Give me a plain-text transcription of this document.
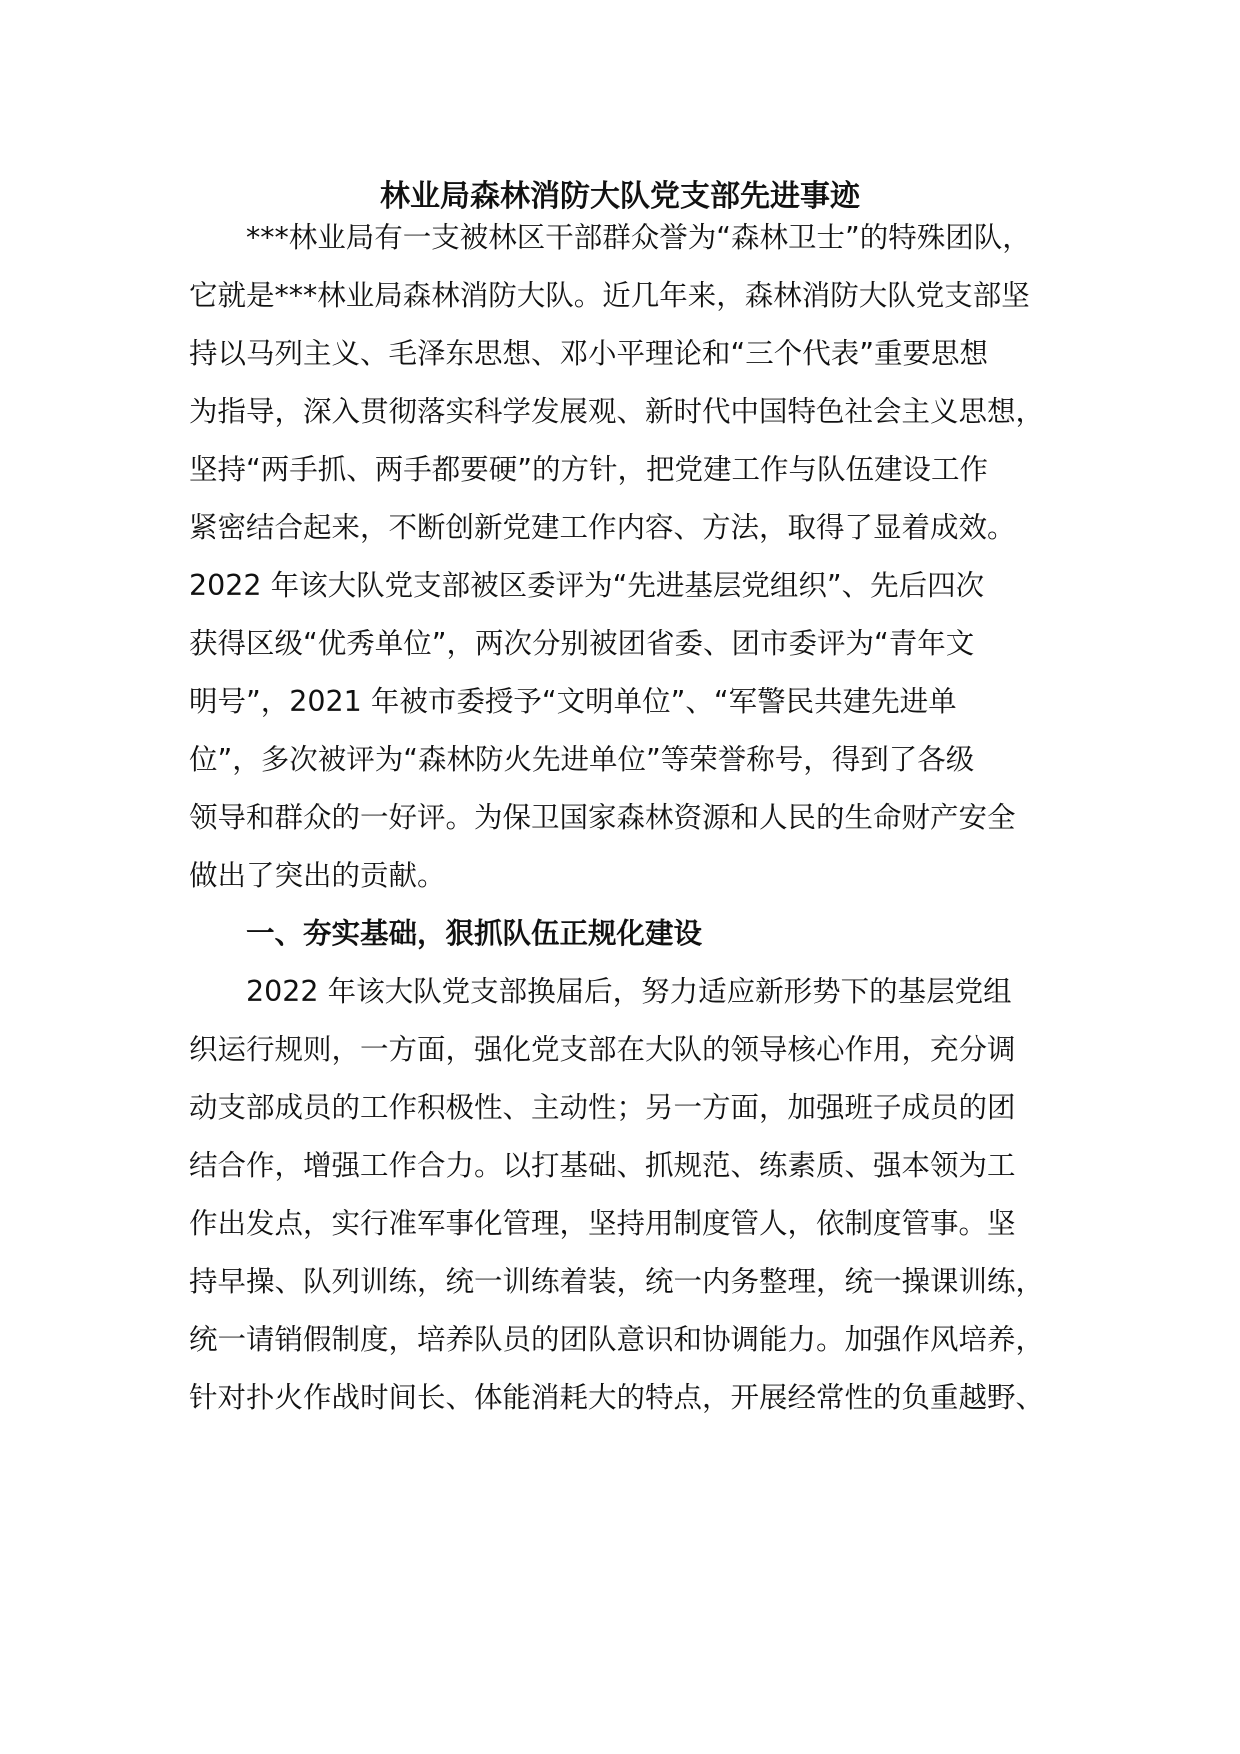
林业局森林消防大队党支部先进事迹
***林业局有一支被林区干部群众誉为“森林卫士”的特殊团队，
它就是***林业局森林消防大队。近几年来，森林消防大队党支部坚
持以马列主义、毛泽东思想、邓小平理论和“三个代表”重要思想
为指导，深入贯彻落实科学发展观、新时代中国特色社会主义思想，
坚持“两手抓、两手都要硬”的方针，把党建工作与队伍建设工作
紧密结合起来，不断创新党建工作内容、方法，取得了显着成效。
2022 年该大队党支部被区委评为“先进基层党组织”、先后四次
获得区级“优秀单位”，两次分别被团省委、团市委评为“青年文
明号”，2021 年被市委授予“文明单位”、“军警民共建先进单
位”，多次被评为“森林防火先进单位”等荣誉称号，得到了各级
领导和群众的一好评。为保卫国家森林资源和人民的生命财产安全
做出了突出的贡献。
一、夯实基础，狠抓队伍正规化建设
2022 年该大队党支部换届后，努力适应新形势下的基层党组
织运行规则，一方面，强化党支部在大队的领导核心作用，充分调
动支部成员的工作积极性、主动性；另一方面，加强班子成员的团
结合作，增强工作合力。以打基础、抓规范、练素质、强本领为工
作出发点，实行准军事化管理，坚持用制度管人，依制度管事。坚
持早操、队列训练，统一训练着装，统一内务整理，统一操课训练，
统一请销假制度，培养队员的团队意识和协调能力。加强作风培养，
针对扑火作战时间长、体能消耗大的特点，开展经常性的负重越野、
